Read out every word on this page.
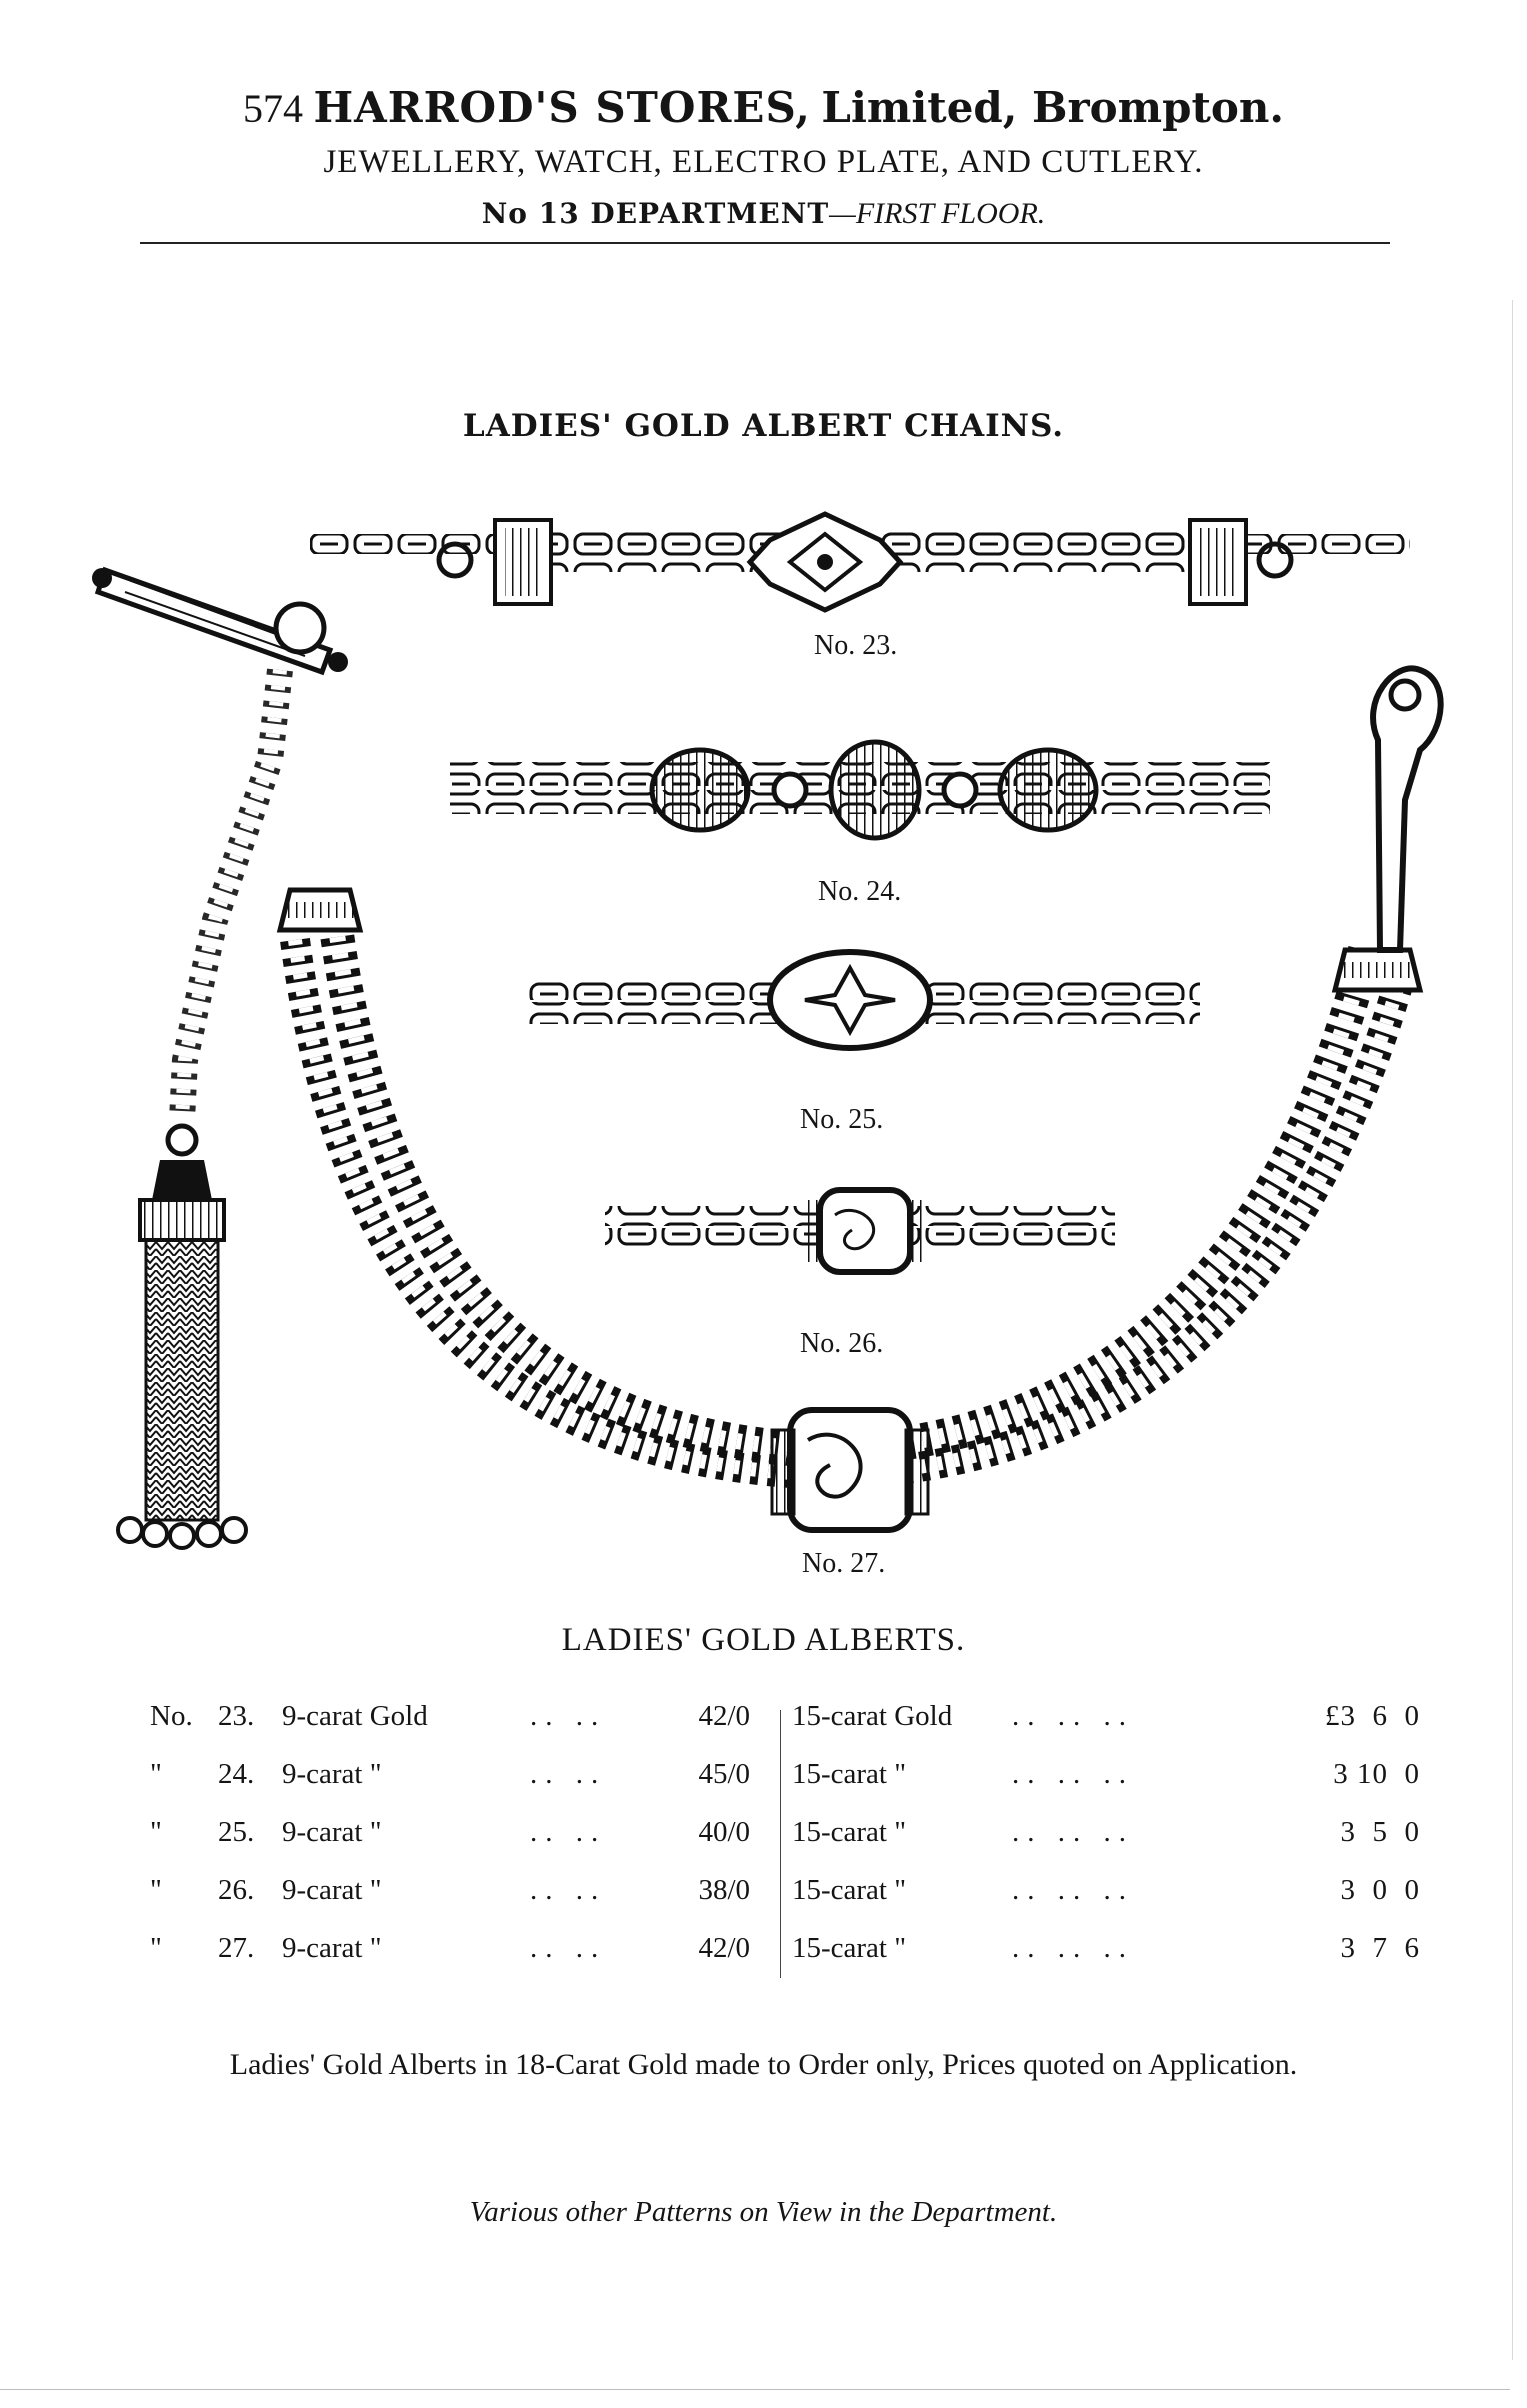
574 HARROD'S STORES, Limited, Brompton.
JEWELLERY, WATCH, ELECTRO PLATE, AND CUTLERY.
No 13 DEPARTMENT—FIRST FLOOR.
LADIES' GOLD ALBERT CHAINS.
No. 23.
No. 24.
No. 25.
No. 26.
No. 27.
LADIES' GOLD ALBERTS.
No. 23. 9-carat Gold	.. ..	42/0 15-carat Gold	.. .. ..	£3  6  0
"	24. 9-carat "	.. ..	45/0 15-carat "	.. .. ..	3 10  0
"	25. 9-carat "	.. ..	40/0 15-carat "	.. .. ..	3  5  0
"	26. 9-carat "	.. ..	38/0 15-carat "	.. .. ..	3  0  0
"	27. 9-carat "	.. ..	42/0 15-carat "	.. .. ..	3  7  6
Ladies' Gold Alberts in 18-Carat Gold made to Order only, Prices quoted on Application.
Various other Patterns on View in the Department.
